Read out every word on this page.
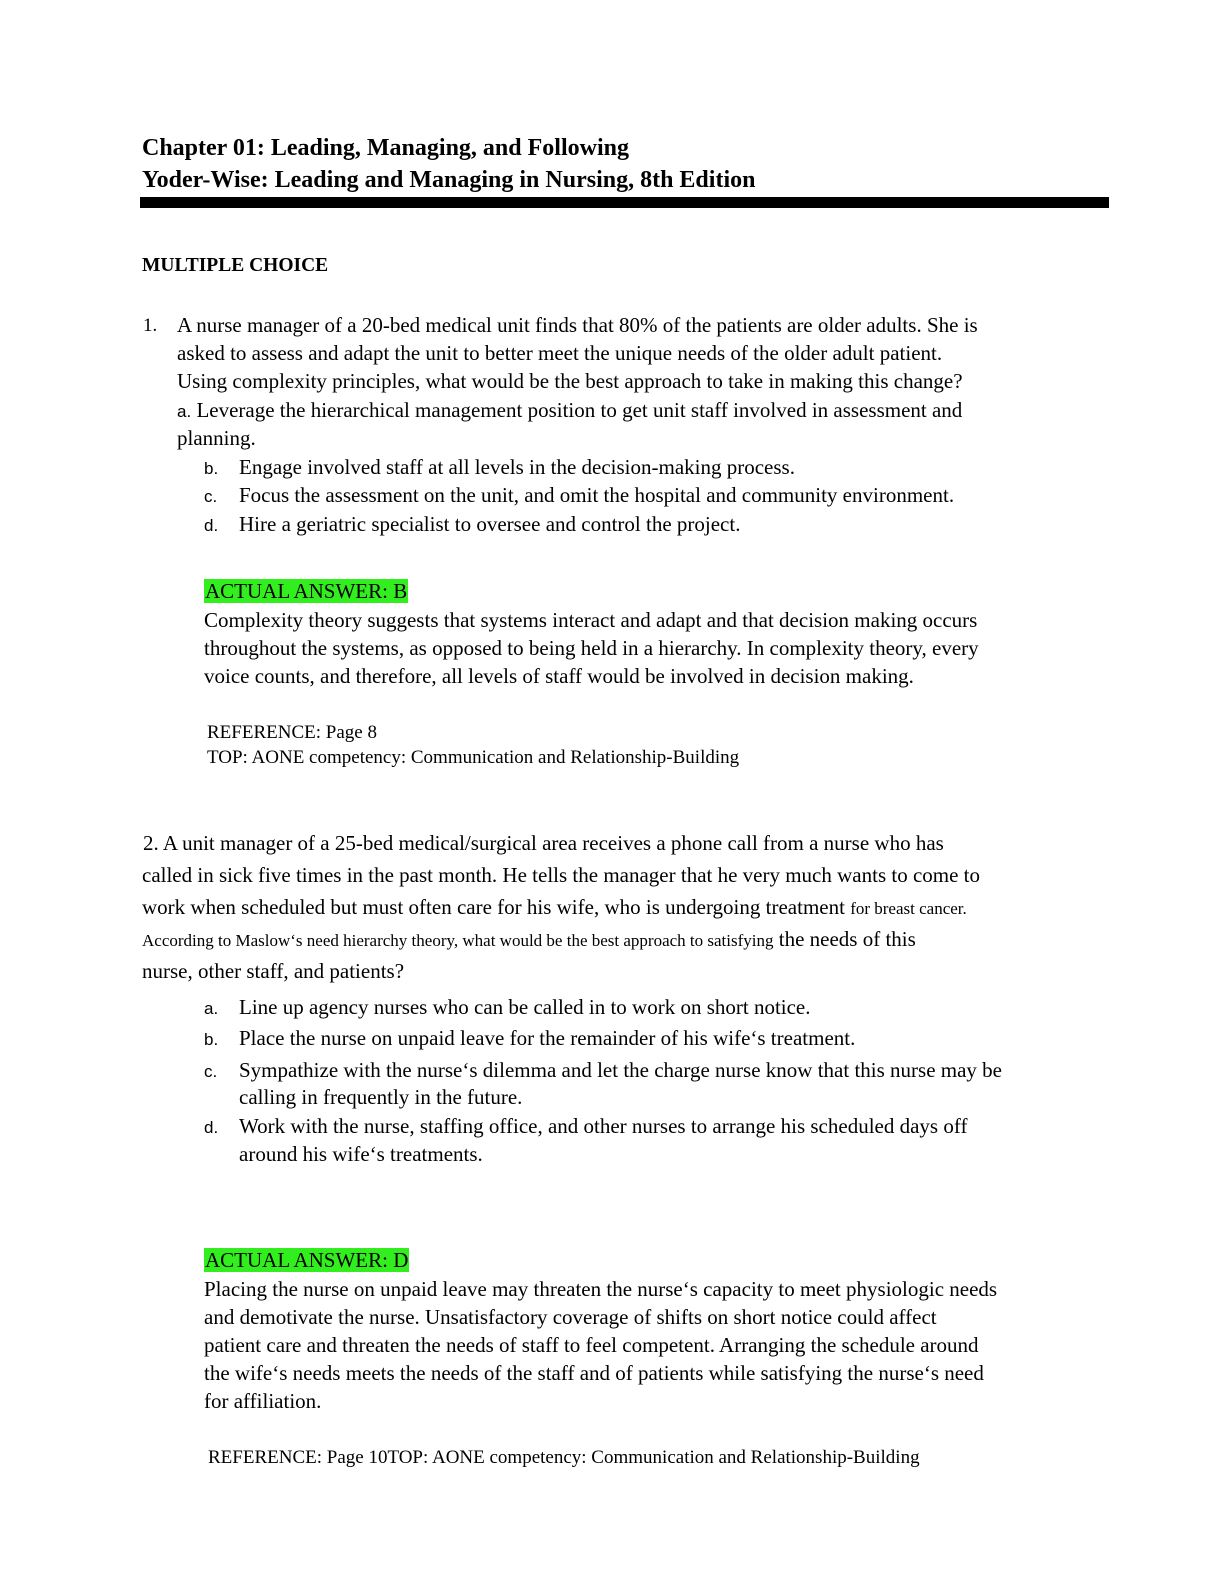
Chapter 01: Leading, Managing, and Following
Yoder-Wise: Leading and Managing in Nursing, 8th Edition
MULTIPLE CHOICE
1. A nurse manager of a 20-bed medical unit finds that 80% of the patients are older adults. She is
asked to assess and adapt the unit to better meet the unique needs of the older adult patient.
Using complexity principles, what would be the best approach to take in making this change?
a. Leverage the hierarchical management position to get unit staff involved in assessment and
planning.
b. Engage involved staff at all levels in the decision-making process.
c. Focus the assessment on the unit, and omit the hospital and community environment.
d. Hire a geriatric specialist to oversee and control the project.
ACTUAL ANSWER: B
Complexity theory suggests that systems interact and adapt and that decision making occurs
throughout the systems, as opposed to being held in a hierarchy. In complexity theory, every
voice counts, and therefore, all levels of staff would be involved in decision making.
REFERENCE: Page 8
TOP: AONE competency: Communication and Relationship-Building
2. A unit manager of a 25-bed medical/surgical area receives a phone call from a nurse who has
called in sick five times in the past month. He tells the manager that he very much wants to come to
work when scheduled but must often care for his wife, who is undergoing treatment for breast cancer.
According to Maslow‘s need hierarchy theory, what would be the best approach to satisfying the needs of this
nurse, other staff, and patients?
a. Line up agency nurses who can be called in to work on short notice.
b. Place the nurse on unpaid leave for the remainder of his wife‘s treatment.
c. Sympathize with the nurse‘s dilemma and let the charge nurse know that this nurse may be
calling in frequently in the future.
d. Work with the nurse, staffing office, and other nurses to arrange his scheduled days off
around his wife‘s treatments.
ACTUAL ANSWER: D
Placing the nurse on unpaid leave may threaten the nurse‘s capacity to meet physiologic needs
and demotivate the nurse. Unsatisfactory coverage of shifts on short notice could affect
patient care and threaten the needs of staff to feel competent. Arranging the schedule around
the wife‘s needs meets the needs of the staff and of patients while satisfying the nurse‘s need
for affiliation.
REFERENCE: Page 10TOP: AONE competency: Communication and Relationship-Building
